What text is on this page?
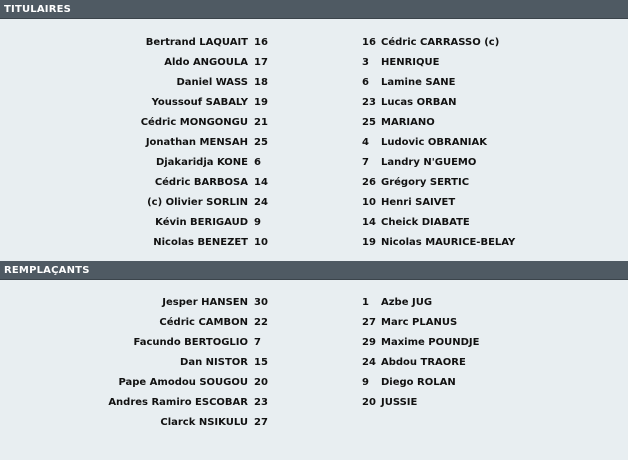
TITULAIRES
Bertrand LAQUAIT 16	16 Cédric CARRASSO (c)
Aldo ANGOULA 17	3 HENRIQUE
Daniel WASS 18	6 Lamine SANE
Youssouf SABALY 19	23 Lucas ORBAN
Cédric MONGONGU 21	25 MARIANO
Jonathan MENSAH 25	4 Ludovic OBRANIAK
Djakaridja KONE 6	7 Landry N'GUEMO
Cédric BARBOSA 14	26 Grégory SERTIC
(c) Olivier SORLIN 24	10 Henri SAIVET
Kévin BERIGAUD 9	14 Cheick DIABATE
Nicolas BENEZET 10	19 Nicolas MAURICE-BELAY
REMPLAÇANTS
Jesper HANSEN 30	1 Azbe JUG
Cédric CAMBON 22	27 Marc PLANUS
Facundo BERTOGLIO 7	29 Maxime POUNDJE
Dan NISTOR 15	24 Abdou TRAORE
Pape Amodou SOUGOU 20	9 Diego ROLAN
Andres Ramiro ESCOBAR 23	20 JUSSIE
Clarck NSIKULU 27
